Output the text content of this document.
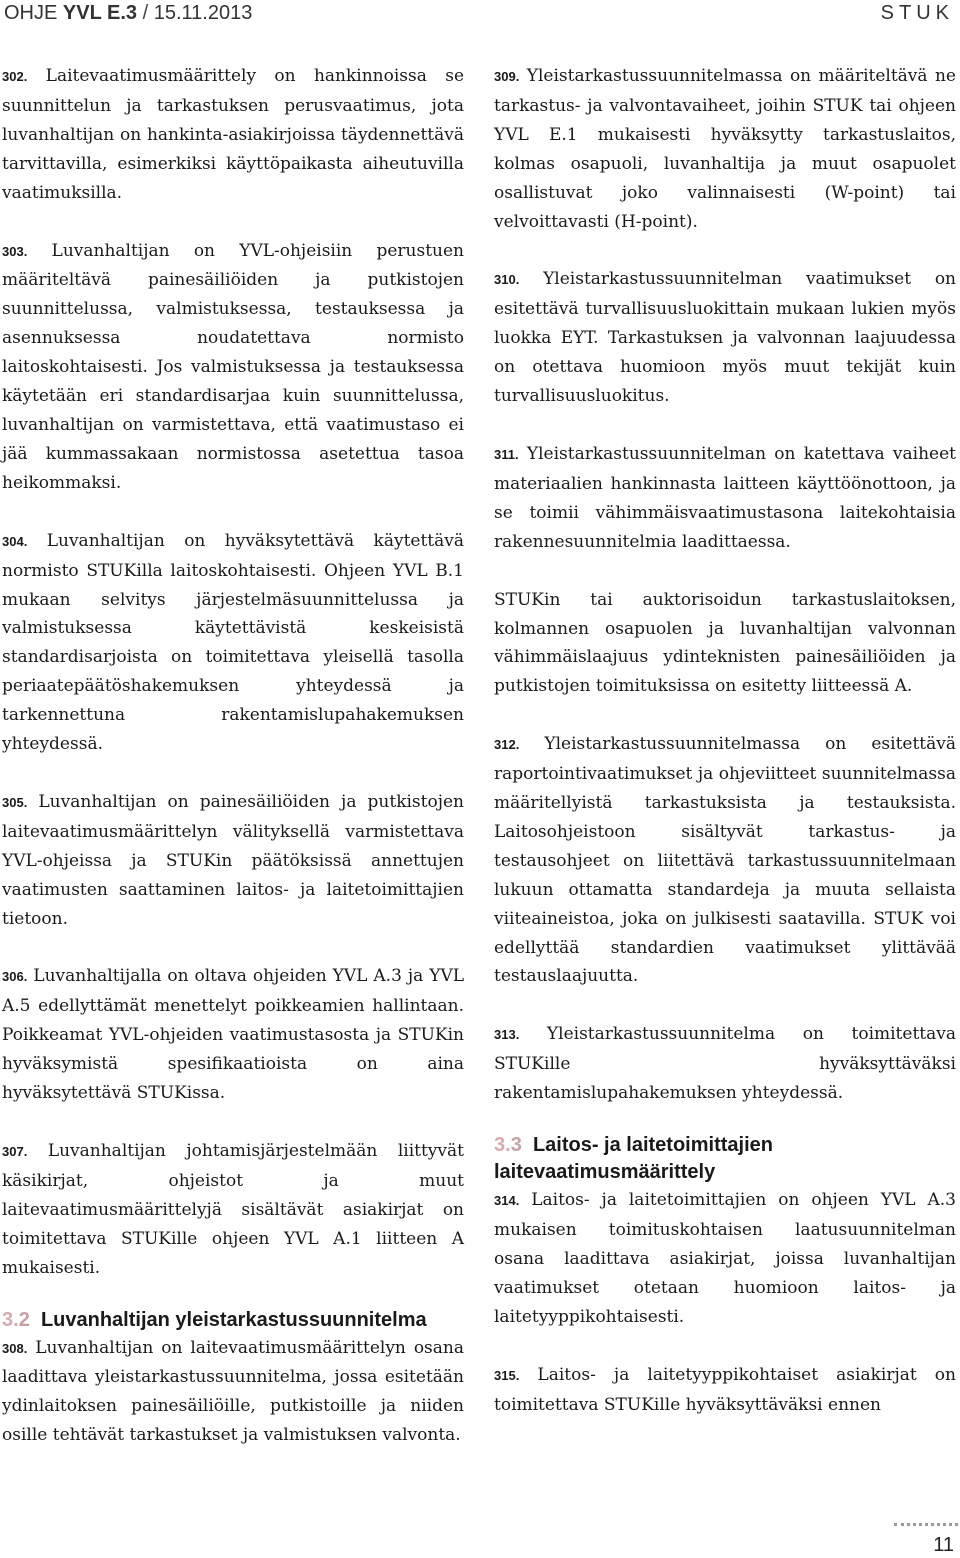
OHJE YVL E.3 / 15.11.2013	STUK

302. Laitevaatimusmäärittely on hankinnoissa se suunnittelun ja tarkastuksen perusvaatimus, jota luvanhaltijan on hankinta-asiakirjoissa täydennettävä tarvittavilla, esimerkiksi käyttöpaikasta aiheutuvilla vaatimuksilla.

303. Luvanhaltijan on YVL-ohjeisiin perustuen määriteltävä painesäiliöiden ja putkistojen suunnittelussa, valmistuksessa, testauksessa ja asennuksessa noudatettava normisto laitoskohtaisesti. Jos valmistuksessa ja testauksessa käytetään eri standardisarjaa kuin suunnittelussa, luvanhaltijan on varmistettava, että vaatimustaso ei jää kummassakaan normistossa asetettua tasoa heikommaksi.

304. Luvanhaltijan on hyväksytettävä käytettävä normisto STUKilla laitoskohtaisesti. Ohjeen YVL B.1 mukaan selvitys järjestelmäsuunnittelussa ja valmistuksessa käytettävistä keskeisistä standardisarjoista on toimitettava yleisellä tasolla periaatepäätöshakemuksen yhteydessä ja tarkennettuna rakentamislupahakemuksen yhteydessä.

305. Luvanhaltijan on painesäiliöiden ja putkistojen laitevaatimusmäärittelyn välityksellä varmistettava YVL-ohjeissa ja STUKin päätöksissä annettujen vaatimusten saattaminen laitos- ja laitetoimittajien tietoon.

306. Luvanhaltijalla on oltava ohjeiden YVL A.3 ja YVL A.5 edellyttämät menettelyt poikkeamien hallintaan. Poikkeamat YVL-ohjeiden vaatimustasosta ja STUKin hyväksymistä spesifikaatioista on aina hyväksytettävä STUKissa.

307. Luvanhaltijan johtamisjärjestelmään liittyvät käsikirjat, ohjeistot ja muut laitevaatimusmäärittelyjä sisältävät asiakirjat on toimitettava STUKille ohjeen YVL A.1 liitteen A mukaisesti.

3.2 Luvanhaltijan yleistarkastussuunnitelma

308. Luvanhaltijan on laitevaatimusmäärittelyn osana laadittava yleistarkastussuunnitelma, jossa esitetään ydinlaitoksen painesäiliöille, putkistoille ja niiden osille tehtävät tarkastukset ja valmistuksen valvonta.

309. Yleistarkastussuunnitelmassa on määriteltävä ne tarkastus- ja valvontavaiheet, joihin STUK tai ohjeen YVL E.1 mukaisesti hyväksytty tarkastuslaitos, kolmas osapuoli, luvanhaltija ja muut osapuolet osallistuvat joko valinnaisesti (W-point) tai velvoittavasti (H-point).

310. Yleistarkastussuunnitelman vaatimukset on esitettävä turvallisuusluokittain mukaan lukien myös luokka EYT. Tarkastuksen ja valvonnan laajuudessa on otettava huomioon myös muut tekijät kuin turvallisuusluokitus.

311. Yleistarkastussuunnitelman on katettava vaiheet materiaalien hankinnasta laitteen käyttöönottoon, ja se toimii vähimmäisvaatimustasona laitekohtaisia rakennesuunnitelmia laadittaessa.

STUKin tai auktorisoidun tarkastuslaitoksen, kolmannen osapuolen ja luvanhaltijan valvonnan vähimmäislaajuus ydinteknisten painesäiliöiden ja putkistojen toimituksissa on esitetty liitteessä A.

312. Yleistarkastussuunnitelmassa on esitettävä raportointivaatimukset ja ohjeviitteet suunnitelmassa määritellyistä tarkastuksista ja testauksista. Laitosohjeistoon sisältyvät tarkastus- ja testausohjeet on liitettävä tarkastussuunnitelmaan lukuun ottamatta standardeja ja muuta sellaista viiteaineistoa, joka on julkisesti saatavilla. STUK voi edellyttää standardien vaatimukset ylittävää testauslaajuutta.

313. Yleistarkastussuunnitelma on toimitettava STUKille hyväksyttäväksi rakentamislupahakemuksen yhteydessä.

3.3 Laitos- ja laitetoimittajien
laitevaatimusmäärittely

314. Laitos- ja laitetoimittajien on ohjeen YVL A.3 mukaisen toimituskohtaisen laatusuunnitelman osana laadittava asiakirjat, joissa luvanhaltijan vaatimukset otetaan huomioon laitos- ja laitetyyppikohtaisesti.

315. Laitos- ja laitetyyppikohtaiset asiakirjat on toimitettava STUKille hyväksyttäväksi ennen

11
